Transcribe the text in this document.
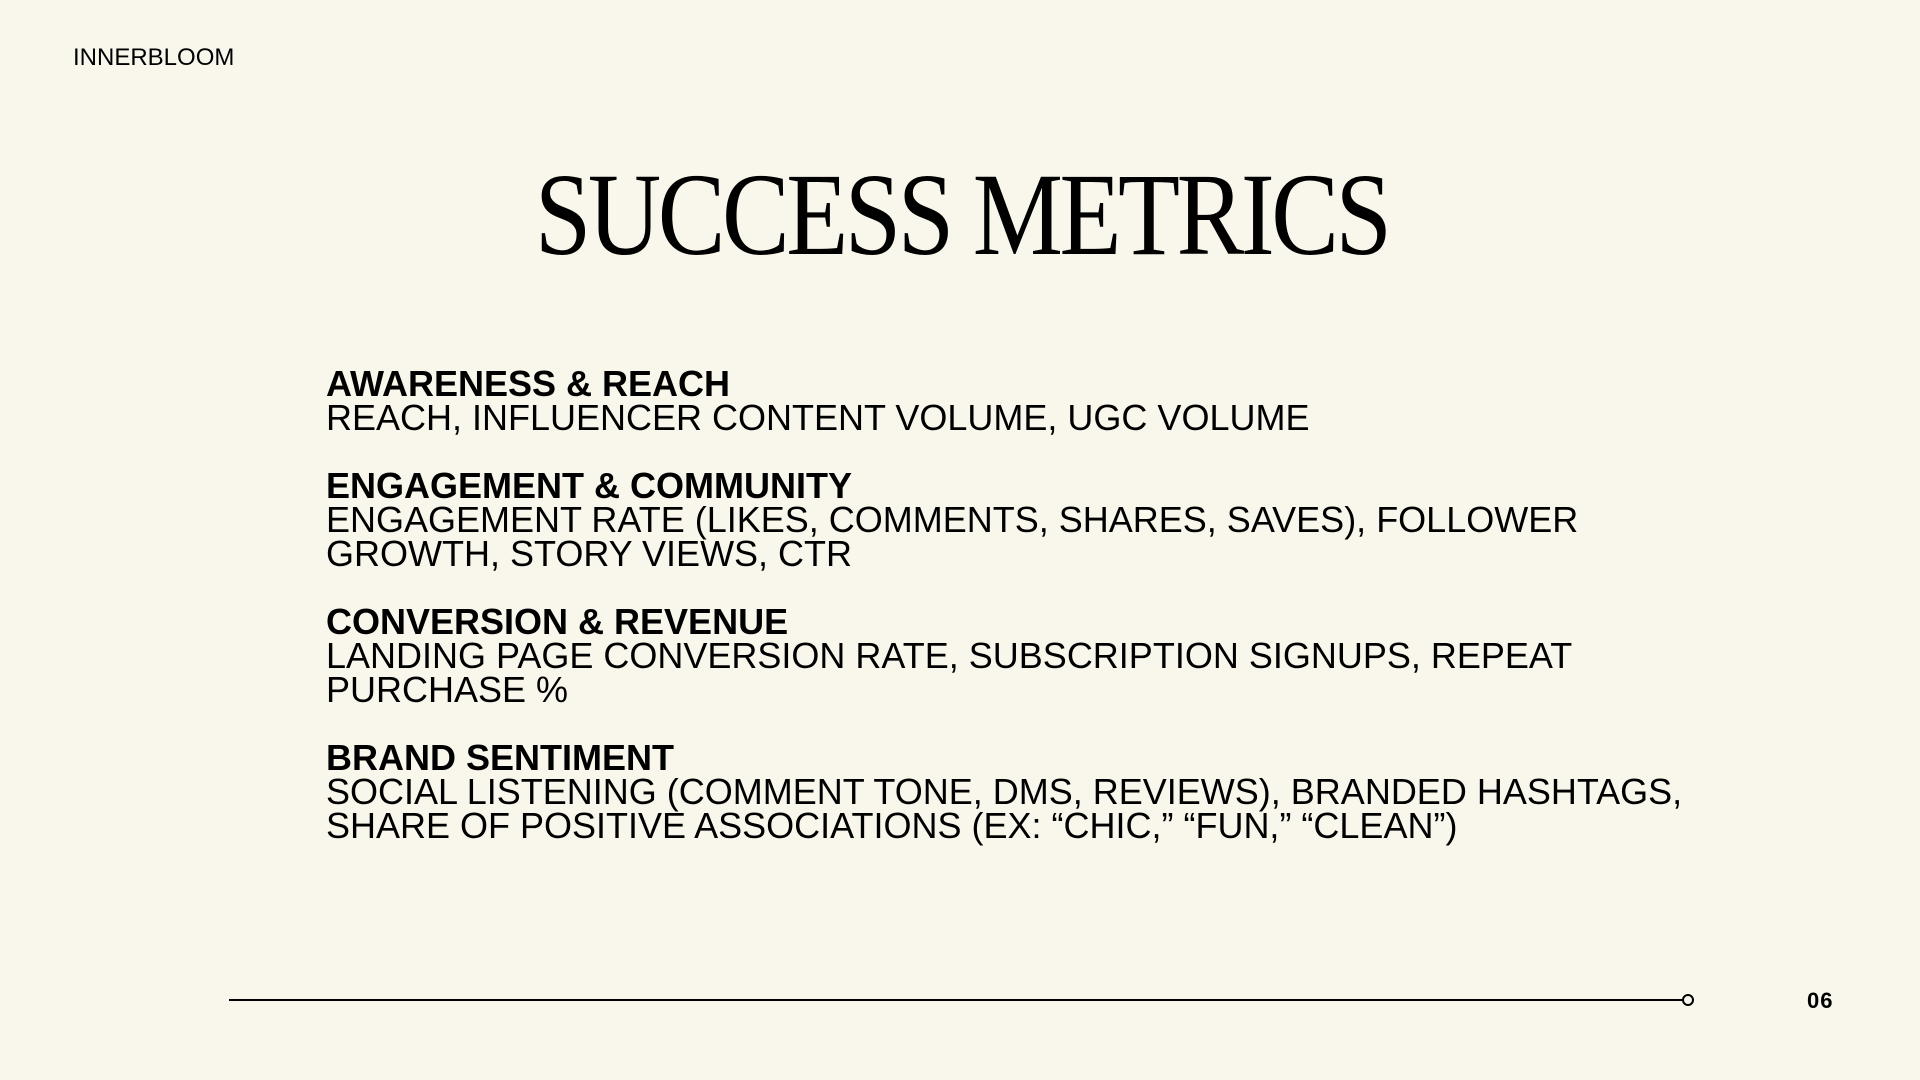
INNERBLOOM
SUCCESS METRICS
AWARENESS & REACH
REACH, INFLUENCER CONTENT VOLUME, UGC VOLUME
ENGAGEMENT & COMMUNITY
ENGAGEMENT RATE (LIKES, COMMENTS, SHARES, SAVES), FOLLOWER GROWTH, STORY VIEWS, CTR
CONVERSION & REVENUE
LANDING PAGE CONVERSION RATE, SUBSCRIPTION SIGNUPS, REPEAT PURCHASE %
BRAND SENTIMENT
SOCIAL LISTENING (COMMENT TONE, DMS, REVIEWS), BRANDED HASHTAGS, SHARE OF POSITIVE ASSOCIATIONS (EX: “CHIC,” “FUN,” “CLEAN”)
06
